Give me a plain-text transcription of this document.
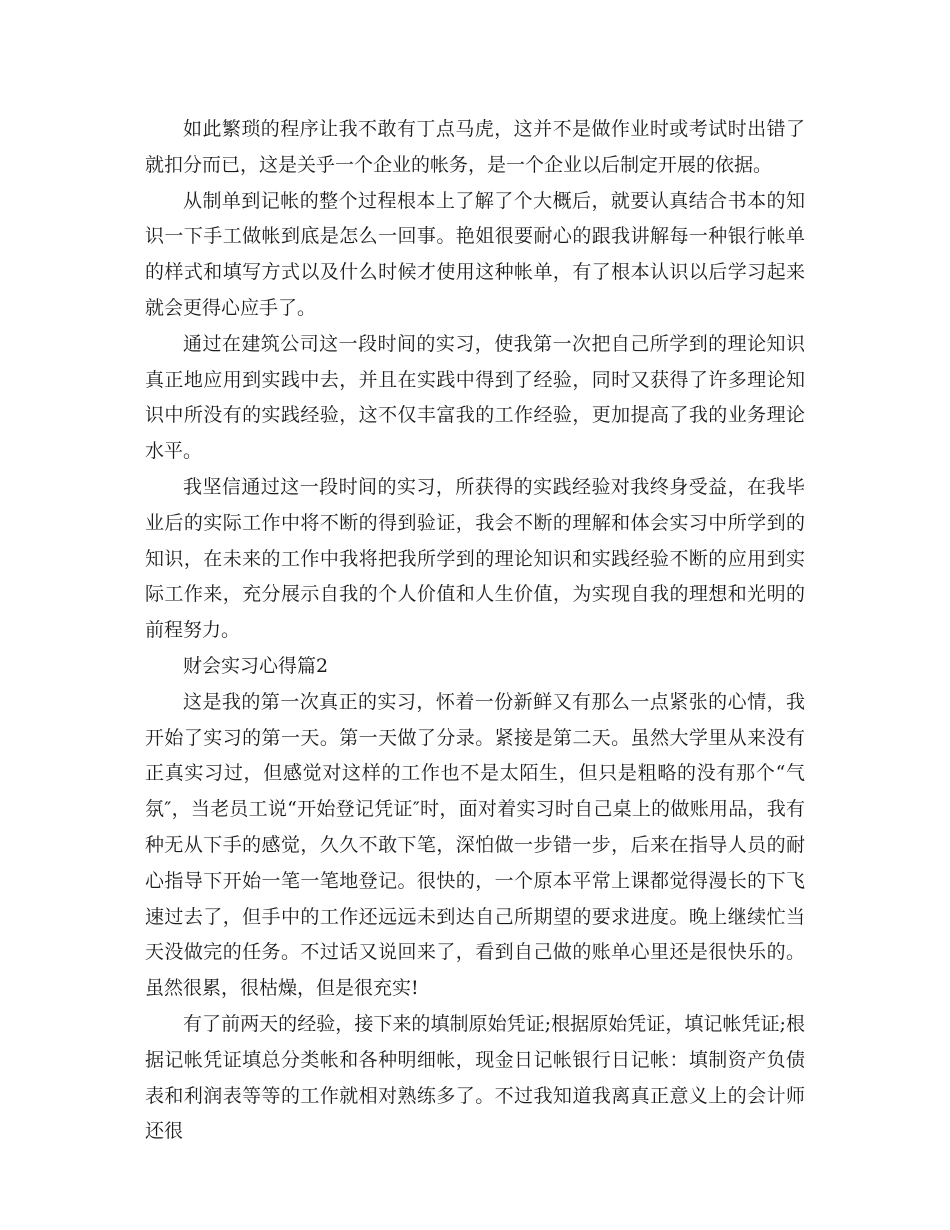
如此繁琐的程序让我不敢有丁点马虎，这并不是做作业时或考试时出错了就扣分而已，这是关乎一个企业的帐务，是一个企业以后制定开展的依据。

从制单到记帐的整个过程根本上了解了个大概后，就要认真结合书本的知识一下手工做帐到底是怎么一回事。艳姐很要耐心的跟我讲解每一种银行帐单的样式和填写方式以及什么时候才使用这种帐单，有了根本认识以后学习起来就会更得心应手了。

通过在建筑公司这一段时间的实习，使我第一次把自己所学到的理论知识真正地应用到实践中去，并且在实践中得到了经验，同时又获得了许多理论知识中所没有的实践经验，这不仅丰富我的工作经验，更加提高了我的业务理论水平。

我坚信通过这一段时间的实习，所获得的实践经验对我终身受益，在我毕业后的实际工作中将不断的得到验证，我会不断的理解和体会实习中所学到的知识，在未来的工作中我将把我所学到的理论知识和实践经验不断的应用到实际工作来，充分展示自我的个人价值和人生价值，为实现自我的理想和光明的前程努力。

财会实习心得篇2

这是我的第一次真正的实习，怀着一份新鲜又有那么一点紧张的心情，我开始了实习的第一天。第一天做了分录。紧接是第二天。虽然大学里从来没有正真实习过，但感觉对这样的工作也不是太陌生，但只是粗略的没有那个“气氛″，当老员工说“开始登记凭证″时，面对着实习时自己桌上的做账用品，我有种无从下手的感觉，久久不敢下笔，深怕做一步错一步，后来在指导人员的耐心指导下开始一笔一笔地登记。很快的，一个原本平常上课都觉得漫长的下飞速过去了，但手中的工作还远远未到达自己所期望的要求进度。晚上继续忙当天没做完的任务。不过话又说回来了，看到自己做的账单心里还是很快乐的。虽然很累，很枯燥，但是很充实!

有了前两天的经验，接下来的填制原始凭证;根据原始凭证，填记帐凭证;根据记帐凭证填总分类帐和各种明细帐，现金日记帐银行日记帐：填制资产负债表和利润表等等的工作就相对熟练多了。不过我知道我离真正意义上的会计师还很
